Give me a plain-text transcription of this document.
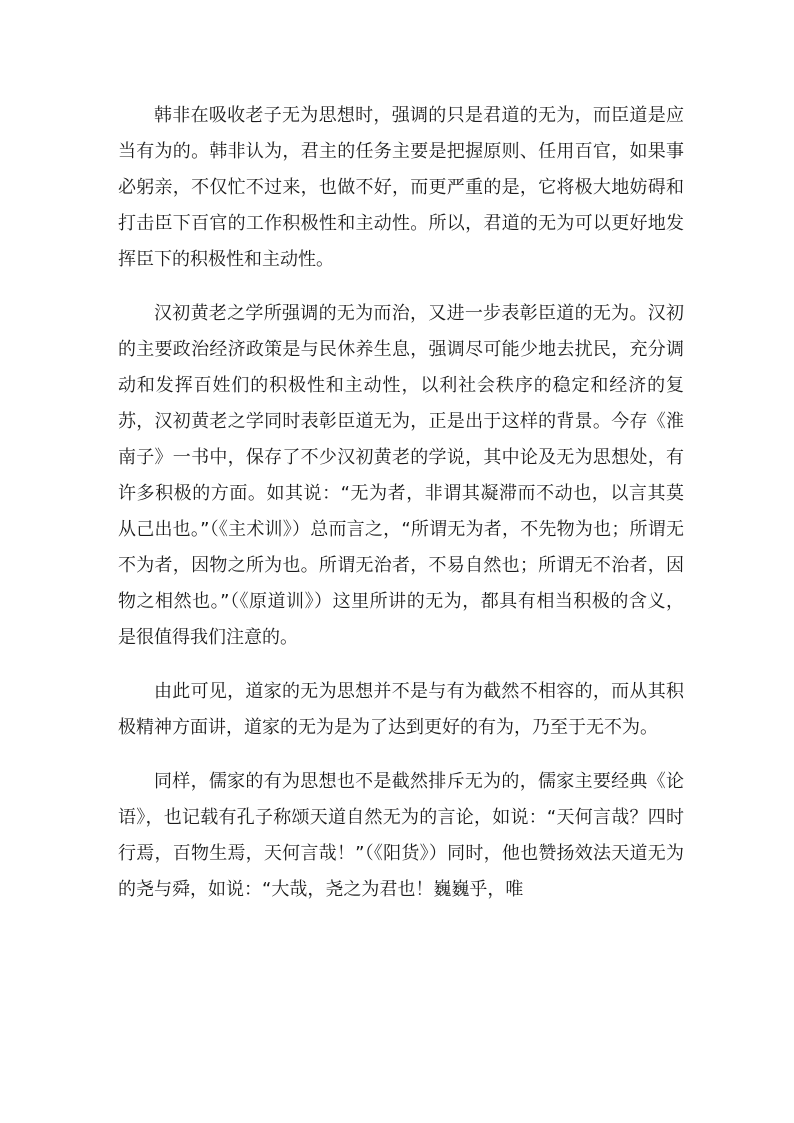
韩非在吸收老子无为思想时，强调的只是君道的无为，而臣道是应当有为的。韩非认为，君主的任务主要是把握原则、任用百官，如果事必躬亲，不仅忙不过来，也做不好，而更严重的是，它将极大地妨碍和打击臣下百官的工作积极性和主动性。所以，君道的无为可以更好地发挥臣下的积极性和主动性。

汉初黄老之学所强调的无为而治，又进一步表彰臣道的无为。汉初的主要政治经济政策是与民休养生息，强调尽可能少地去扰民，充分调动和发挥百姓们的积极性和主动性，以利社会秩序的稳定和经济的复苏，汉初黄老之学同时表彰臣道无为，正是出于这样的背景。今存《淮南子》一书中，保存了不少汉初黄老的学说，其中论及无为思想处，有许多积极的方面。如其说：“无为者，非谓其凝滞而不动也，以言其莫从己出也。”（《主术训》）总而言之，“所谓无为者，不先物为也；所谓无不为者，因物之所为也。所谓无治者，不易自然也；所谓无不治者，因物之相然也。”（《原道训》）这里所讲的无为，都具有相当积极的含义，是很值得我们注意的。

由此可见，道家的无为思想并不是与有为截然不相容的，而从其积极精神方面讲，道家的无为是为了达到更好的有为，乃至于无不为。

同样，儒家的有为思想也不是截然排斥无为的，儒家主要经典《论语》，也记载有孔子称颂天道自然无为的言论，如说：“天何言哉？四时行焉，百物生焉，天何言哉！”（《阳货》）同时，他也赞扬效法天道无为的尧与舜，如说：“大哉，尧之为君也！巍巍乎，唯
